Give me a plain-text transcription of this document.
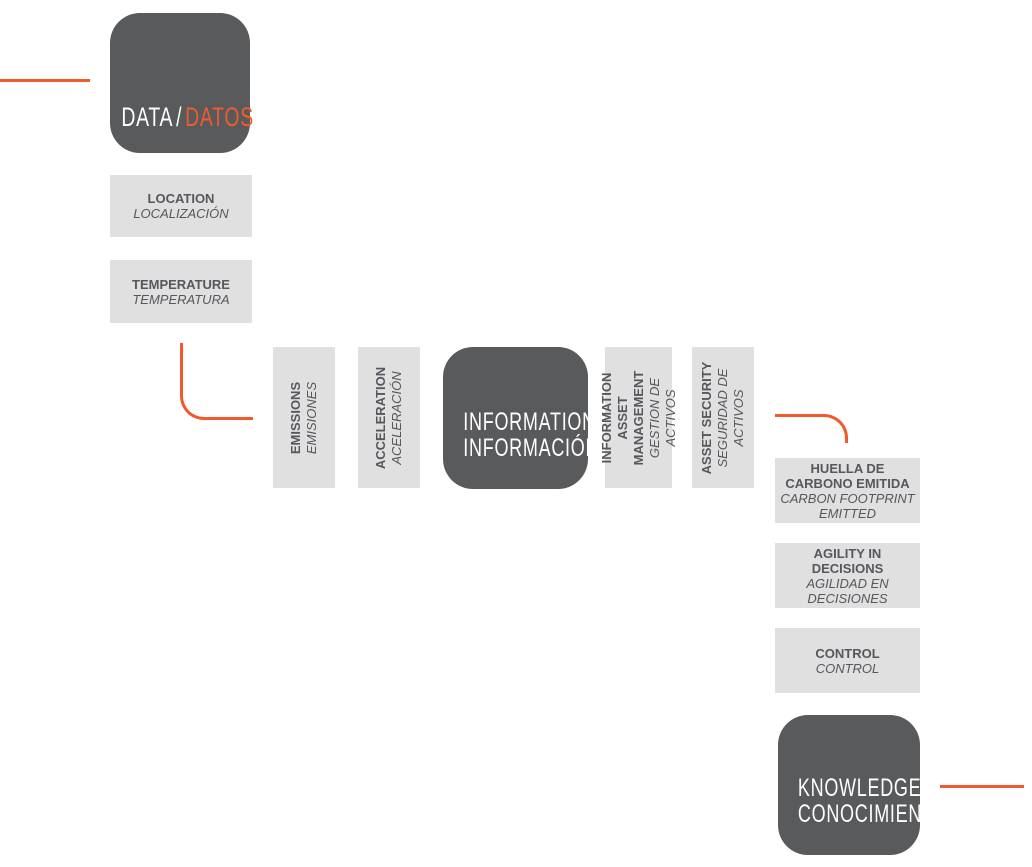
DATA / DATOS
LOCATION
LOCALIZACIÓN
TEMPERATURE
TEMPERATURA
EMISSIONS
EMISIONES	ACCELERATION
ACELERACIÓN INFORMATION
INFORMACIÓN INFORMATION
ASSET MANAGEMENT
GESTION DE ACTIVOS ASSET SECURITY
SEGURIDAD DE
ACTIVOS
HUELLA DE
CARBONO EMITIDA
CARBON FOOTPRINT
EMITTED
AGILITY IN
DECISIONS
AGILIDAD EN
DECISIONES
CONTROL
CONTROL
KNOWLEDGE
CONOCIMIENTO
